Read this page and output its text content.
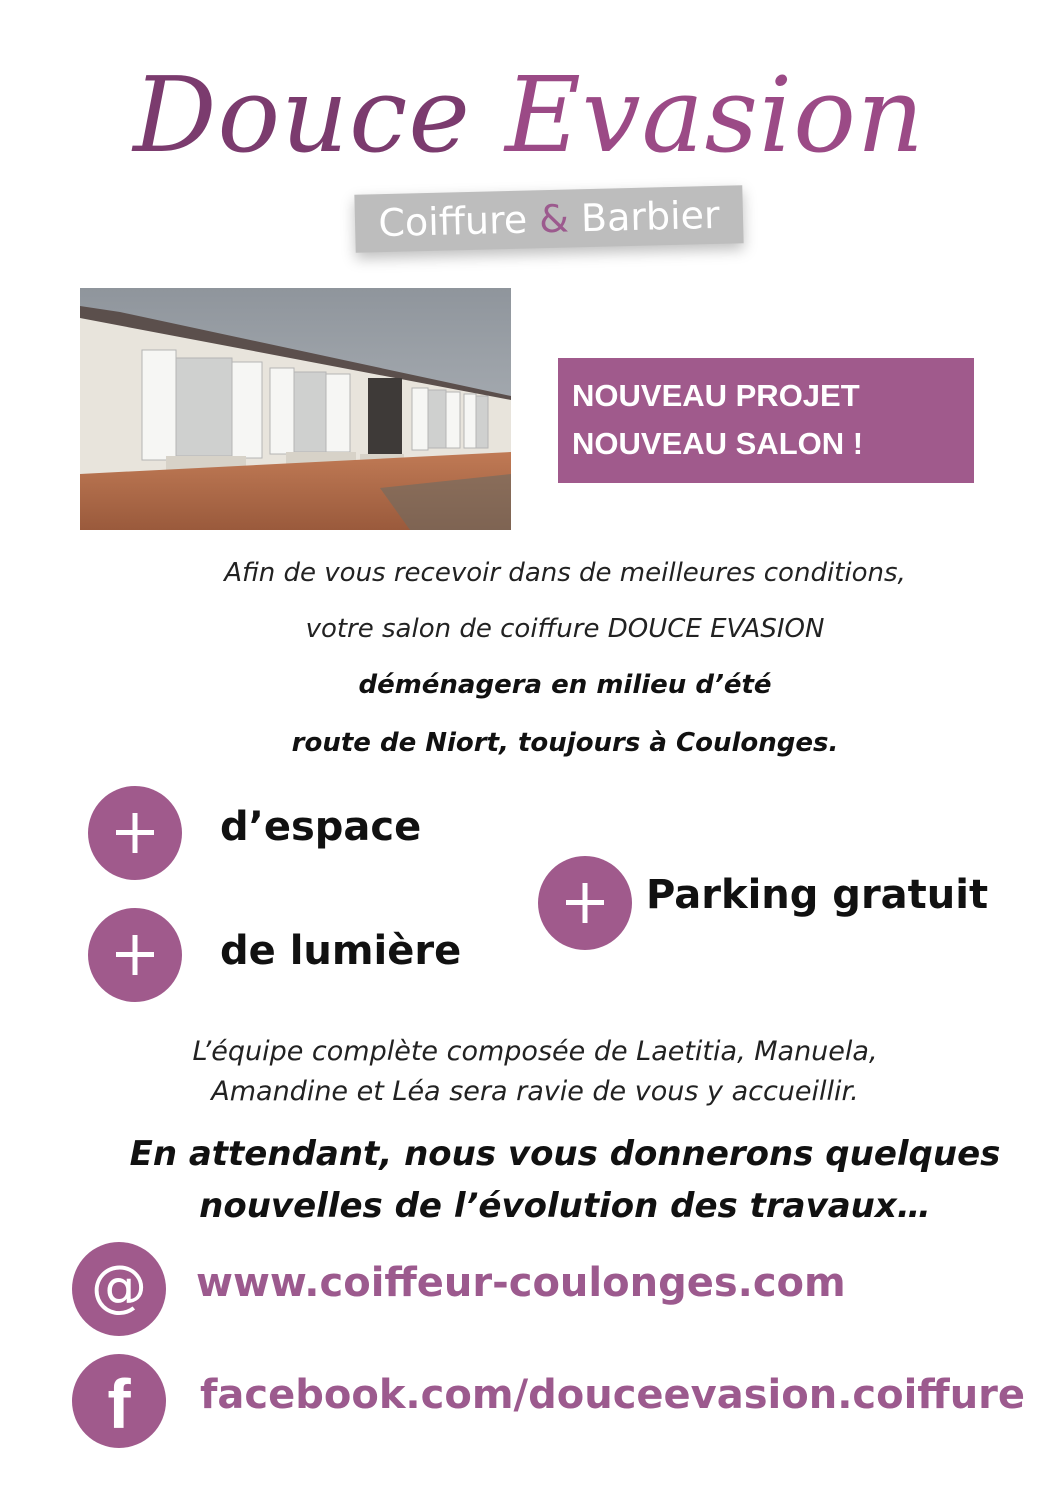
Douce Evasion
Coiffure & Barbier
NOUVEAU PROJET
NOUVEAU SALON !
Afin de vous recevoir dans de meilleures conditions,
votre salon de coiffure DOUCE EVASION
déménagera en milieu d’été
route de Niort, toujours à Coulonges.
d’espace
de lumière
Parking gratuit
L’équipe complète composée de Laetitia, Manuela,
Amandine et Léa sera ravie de vous y accueillir.
En attendant, nous vous donnerons quelques
nouvelles de l’évolution des travaux…
@	www.coiffeur-coulonges.com
f	facebook.com/douceevasion.coiffure
